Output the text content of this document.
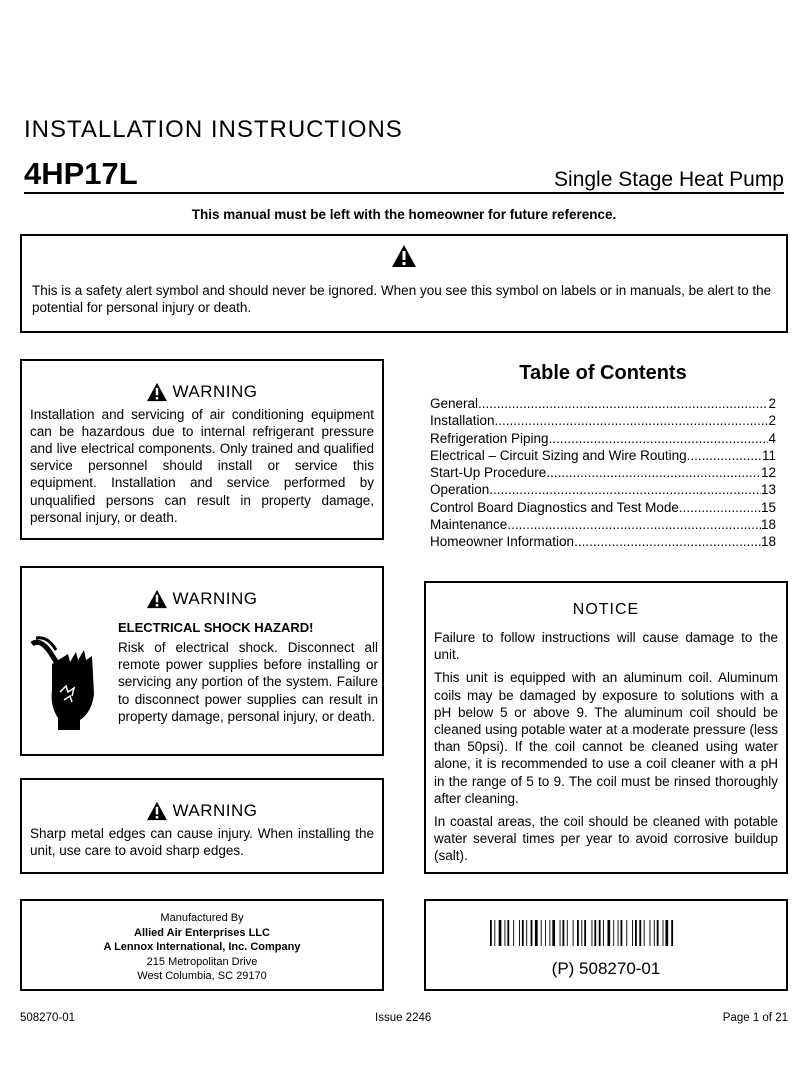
INSTALLATION INSTRUCTIONS
4HP17L	Single Stage Heat Pump
This manual must be left with the homeowner for future reference.

This is a safety alert symbol and should never be ignored. When you see this symbol on labels or in manuals, be alert to the potential for personal injury or death.

WARNING

Installation and servicing of air conditioning equipment can be hazardous due to internal refrigerant pressure and live electrical components. Only trained and qualified service personnel should install or service this equipment. Installation and service performed by unqualified persons can result in property damage, personal injury, or death.

WARNING
ELECTRICAL SHOCK HAZARD!

Risk of electrical shock. Disconnect all remote power supplies before installing or servicing any portion of the system. Failure to disconnect power supplies can result in property damage, personal injury, or death.

WARNING

Sharp metal edges can cause injury. When installing the unit, use care to avoid sharp edges.

Table of Contents
General .....	2
Installation .....	2
Refrigeration Piping .....	4
Electrical – Circuit Sizing and Wire Routing .....	11
Start-Up Procedure .....	12
Operation .....	13
Control Board Diagnostics and Test Mode .....	15
Maintenance .....	18
Homeowner Information .....	18
NOTICE

Failure to follow instructions will cause damage to the unit.

This unit is equipped with an aluminum coil. Aluminum coils may be damaged by exposure to solutions with a pH below 5 or above 9. The aluminum coil should be cleaned using potable water at a moderate pressure (less than 50psi). If the coil cannot be cleaned using water alone, it is recommended to use a coil cleaner with a pH in the range of 5 to 9. The coil must be rinsed thoroughly after cleaning.

In coastal areas, the coil should be cleaned with potable water several times per year to avoid corrosive buildup (salt).

Manufactured By
Allied Air Enterprises LLC
A Lennox International, Inc. Company
215 Metropolitan Drive
West Columbia, SC 29170	(P) 508270-01
508270-01	Issue 2246	Page 1 of 21
